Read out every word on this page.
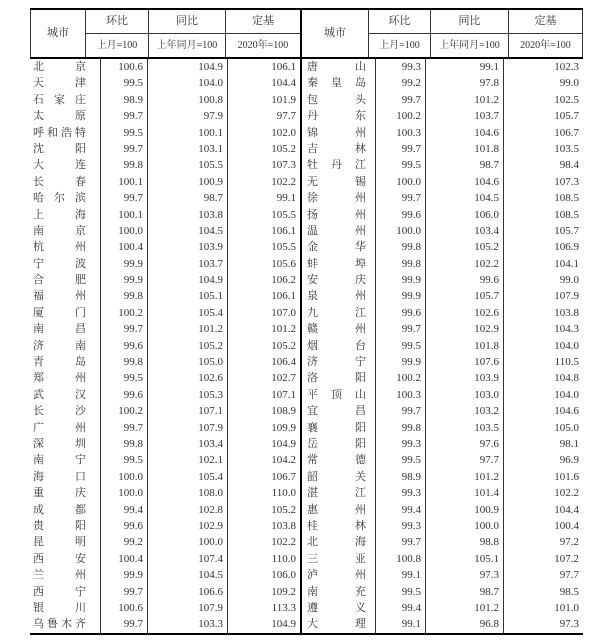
城市
环比	同比	定基
城市
环比	同比	定基
上月=100	上年同月=100	2020年=100	上月=100	上年同月=100	2020年=100
北京	100.6	104.9	106.1	唐山	99.3	99.1	102.3
天津	99.5	104.0	104.4	秦皇岛	99.2	97.8	99.0
石家庄	98.9	100.8	101.9	包头	99.7	101.2	102.5
太原	99.7	97.9	97.7	丹东	100.2	103.7	105.7
呼和浩特	99.5	100.1	102.0	锦州	100.3	104.6	106.7
沈阳	99.7	103.1	105.2	吉林	99.7	101.8	103.5
大连	99.8	105.5	107.3	牡丹江	99.5	98.7	98.4
长春	100.1	100.9	102.2	无锡	100.0	104.6	107.3
哈尔滨	99.7	98.7	99.1	徐州	99.7	104.5	108.5
上海	100.1	103.8	105.5	扬州	99.6	106.0	108.5
南京	100.0	104.5	106.1	温州	100.0	103.4	105.7
杭州	100.4	103.9	105.5	金华	99.8	105.2	106.9
宁波	99.9	103.7	105.6	蚌埠	99.8	102.2	104.1
合肥	99.9	104.9	106.2	安庆	99.9	99.6	99.0
福州	99.8	105.1	106.1	泉州	99.9	105.7	107.9
厦门	100.2	105.4	107.0	九江	99.6	102.6	103.8
南昌	99.7	101.2	101.2	赣州	99.7	102.9	104.3
济南	99.6	105.2	105.2	烟台	99.5	101.8	104.0
青岛	99.8	105.0	106.4	济宁	99.9	107.6	110.5
郑州	99.5	102.6	102.7	洛阳	100.2	103.9	104.8
武汉	99.6	105.3	107.1	平顶山	100.3	103.0	104.0
长沙	100.2	107.1	108.9	宜昌	99.7	103.2	104.6
广州	99.7	107.9	109.9	襄阳	99.8	103.5	105.0
深圳	99.8	103.4	104.9	岳阳	99.3	97.6	98.1
南宁	99.5	102.1	104.2	常德	99.5	97.7	96.9
海口	100.0	105.4	106.7	韶关	98.9	101.2	101.6
重庆	100.0	108.0	110.0	湛江	99.3	101.4	102.2
成都	99.4	102.8	105.2	惠州	99.4	100.9	104.4
贵阳	99.6	102.9	103.8	桂林	99.3	100.0	100.4
昆明	99.2	100.0	102.2	北海	99.7	98.8	97.2
西安	100.4	107.4	110.0	三亚	100.8	105.1	107.2
兰州	99.9	104.5	106.0	泸州	99.1	97.3	97.7
西宁	99.7	106.6	109.2	南充	99.5	98.7	98.5
银川	100.6	107.9	113.3	遵义	99.4	101.2	101.0
乌鲁木齐	99.7	103.3	104.9	大理	99.1	96.8	97.3
